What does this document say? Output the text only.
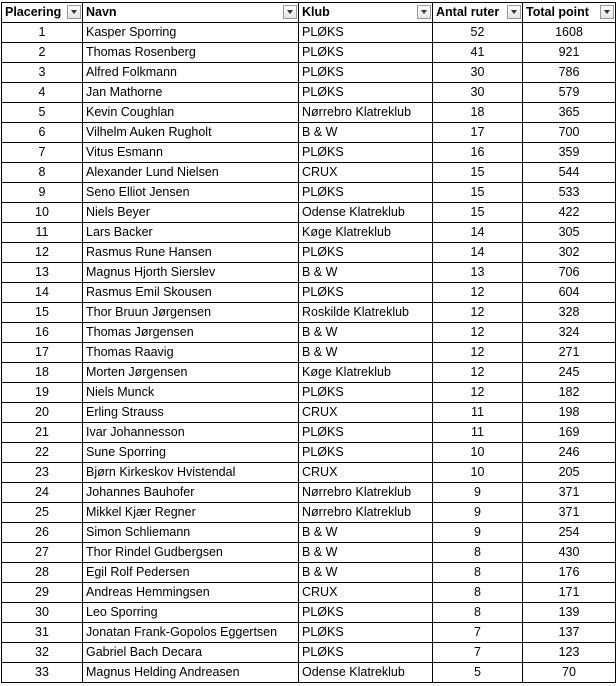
Placering	Navn	Klub	Antal ruter	Total point

1	Kasper Sporring	PLØKS	52	1608
2	Thomas Rosenberg	PLØKS	41	921
3	Alfred Folkmann	PLØKS	30	786
4	Jan Mathorne	PLØKS	30	579
5	Kevin Coughlan	Nørrebro Klatreklub	18	365
6	Vilhelm Auken Rugholt	B & W	17	700
7	Vitus Esmann	PLØKS	16	359
8	Alexander Lund Nielsen	CRUX	15	544
9	Seno Elliot Jensen	PLØKS	15	533
10	Niels Beyer	Odense Klatreklub	15	422
11	Lars Backer	Køge Klatreklub	14	305
12	Rasmus Rune Hansen	PLØKS	14	302
13	Magnus Hjorth Sierslev	B & W	13	706
14	Rasmus Emil Skousen	PLØKS	12	604
15	Thor Bruun Jørgensen	Roskilde Klatreklub	12	328
16	Thomas Jørgensen	B & W	12	324
17	Thomas Raavig	B & W	12	271
18	Morten Jørgensen	Køge Klatreklub	12	245
19	Niels Munck	PLØKS	12	182
20	Erling Strauss	CRUX	11	198
21	Ivar Johannesson	PLØKS	11	169
22	Sune Sporring	PLØKS	10	246
23	Bjørn Kirkeskov Hvistendal	CRUX	10	205
24	Johannes Bauhofer	Nørrebro Klatreklub	9	371
25	Mikkel Kjær Regner	Nørrebro Klatreklub	9	371
26	Simon Schliemann	B & W	9	254
27	Thor Rindel Gudbergsen	B & W	8	430
28	Egil Rolf Pedersen	B & W	8	176
29	Andreas Hemmingsen	CRUX	8	171
30	Leo Sporring	PLØKS	8	139
31	Jonatan Frank-Gopolos Eggertsen	PLØKS	7	137
32	Gabriel Bach Decara	PLØKS	7	123
33	Magnus Helding Andreasen	Odense Klatreklub	5	70
